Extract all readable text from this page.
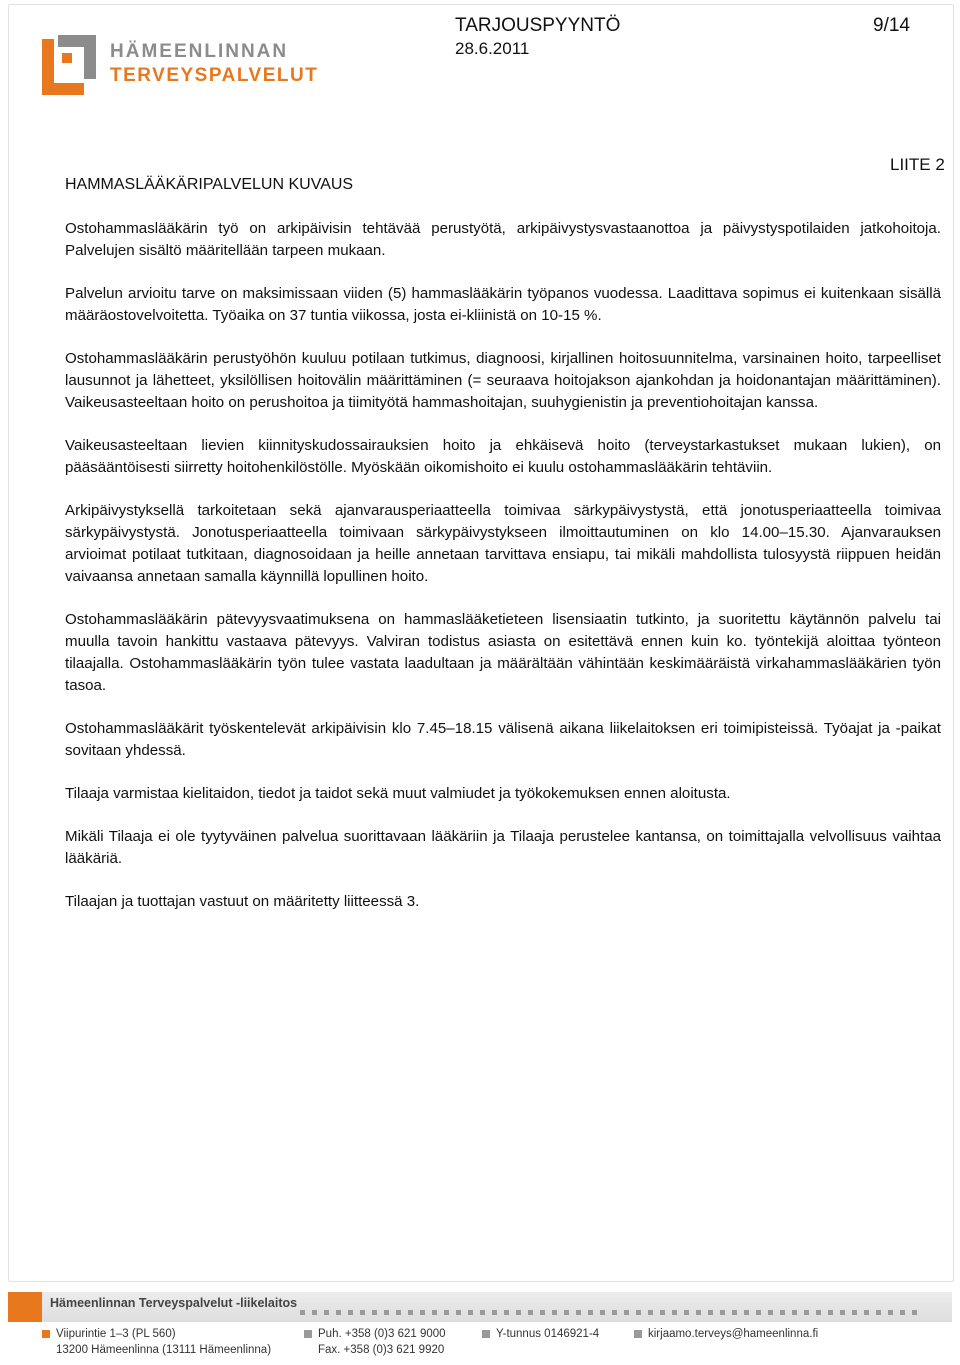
HÄMEENLINNAN
TERVEYSPALVELUT
TARJOUSPYYNTÖ
28.6.2011
9/14
LIITE 2
HAMMASLÄÄKÄRIPALVELUN KUVAUS

Ostohammaslääkärin työ on arkipäivisin tehtävää perustyötä, arkipäivystysvastaanottoa ja päivystyspotilaiden jatkohoitoja. Palvelujen sisältö määritellään tarpeen mukaan.

Palvelun arvioitu tarve on maksimissaan viiden (5) hammaslääkärin työpanos vuodessa. Laadittava sopimus ei kuitenkaan sisällä määräostovelvoitetta. Työaika on 37 tuntia viikossa, josta ei-kliinistä on 10-15 %.

Ostohammaslääkärin perustyöhön kuuluu potilaan tutkimus, diagnoosi, kirjallinen hoitosuunnitelma, varsinainen hoito, tarpeelliset lausunnot ja lähetteet, yksilöllisen hoitovälin määrittäminen (= seuraava hoitojakson ajankohdan ja hoidonantajan määrittäminen). Vaikeusasteeltaan hoito on perushoitoa ja tiimityötä hammashoitajan, suuhygienistin ja preventiohoitajan kanssa.

Vaikeusasteeltaan lievien kiinnityskudossairauksien hoito ja ehkäisevä hoito (terveystarkastukset mukaan lukien), on pääsääntöisesti siirretty hoitohenkilöstölle. Myöskään oikomishoito ei kuulu ostohammaslääkärin tehtäviin.

Arkipäivystyksellä tarkoitetaan sekä ajanvarausperiaatteella toimivaa särkypäivystystä, että jonotusperiaatteella toimivaa särkypäivystystä. Jonotusperiaatteella toimivaan särkypäivystykseen ilmoittautuminen on klo 14.00–15.30. Ajanvarauksen arvioimat potilaat tutkitaan, diagnosoidaan ja heille annetaan tarvittava ensiapu, tai mikäli mahdollista tulosyystä riippuen heidän vaivaansa annetaan samalla käynnillä lopullinen hoito.

Ostohammaslääkärin pätevyysvaatimuksena on hammaslääketieteen lisensiaatin tutkinto, ja suoritettu käytännön palvelu tai muulla tavoin hankittu vastaava pätevyys. Valviran todistus asiasta on esitettävä ennen kuin ko. työntekijä aloittaa työnteon tilaajalla. Ostohammaslääkärin työn tulee vastata laadultaan ja määrältään vähintään keskimääräistä virkahammaslääkärien työn tasoa.

Ostohammaslääkärit työskentelevät arkipäivisin klo 7.45–18.15 välisenä aikana liikelaitoksen eri toimipisteissä. Työajat ja -paikat sovitaan yhdessä.

Tilaaja varmistaa kielitaidon, tiedot ja taidot sekä muut valmiudet ja työkokemuksen ennen aloitusta.

Mikäli Tilaaja ei ole tyytyväinen palvelua suorittavaan lääkäriin ja Tilaaja perustelee kantansa, on toimittajalla velvollisuus vaihtaa lääkäriä.

Tilaajan ja tuottajan vastuut on määritetty liitteessä 3.

Hämeenlinnan Terveyspalvelut -liikelaitos
Viipurintie 1–3 (PL 560)
13200 Hämeenlinna (13111 Hämeenlinna)
Puh. +358 (0)3 621 9000
Fax. +358 (0)3 621 9920
Y-tunnus 0146921-4	kirjaamo.terveys@hameenlinna.fi
